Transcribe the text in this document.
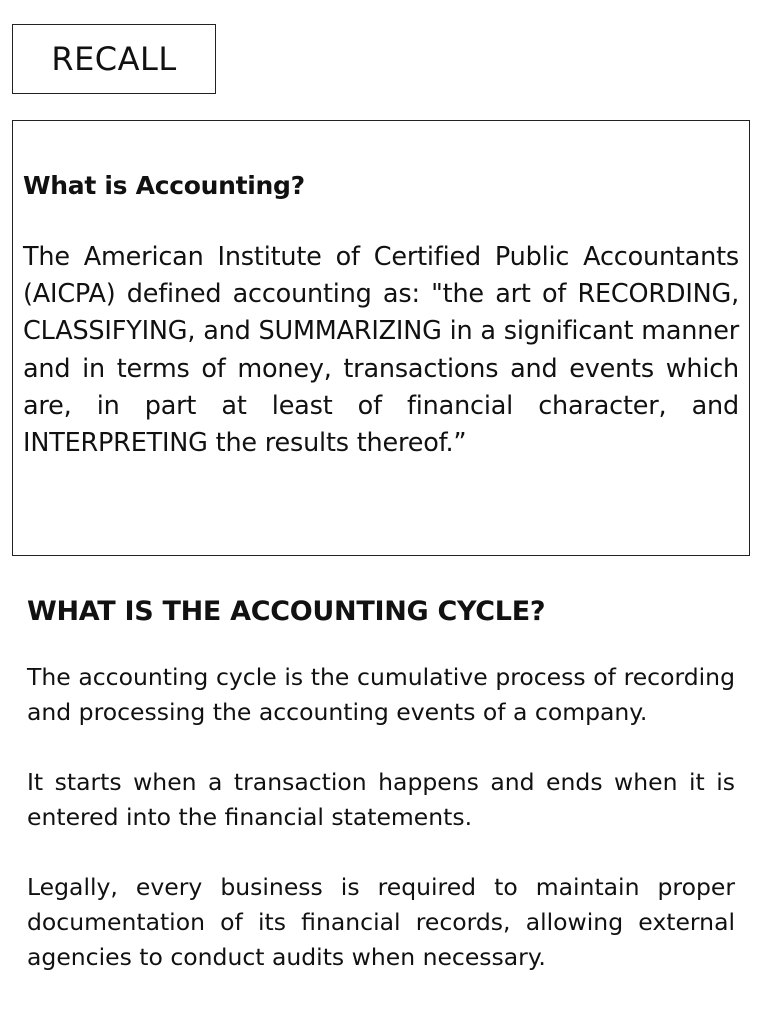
RECALL
What is Accounting?

The American Institute of Certified Public Accountants (AICPA) defined accounting as: "the art of RECORDING, CLASSIFYING, and SUMMARIZING in a significant manner and in terms of money, transactions and events which are, in part at least of financial character, and INTERPRETING the results thereof.”

WHAT IS THE ACCOUNTING CYCLE?

The accounting cycle is the cumulative process of recording and processing the accounting events of a company.

It starts when a transaction happens and ends when it is entered into the financial statements.

Legally, every business is required to maintain proper documentation of its financial records, allowing external agencies to conduct audits when necessary.
